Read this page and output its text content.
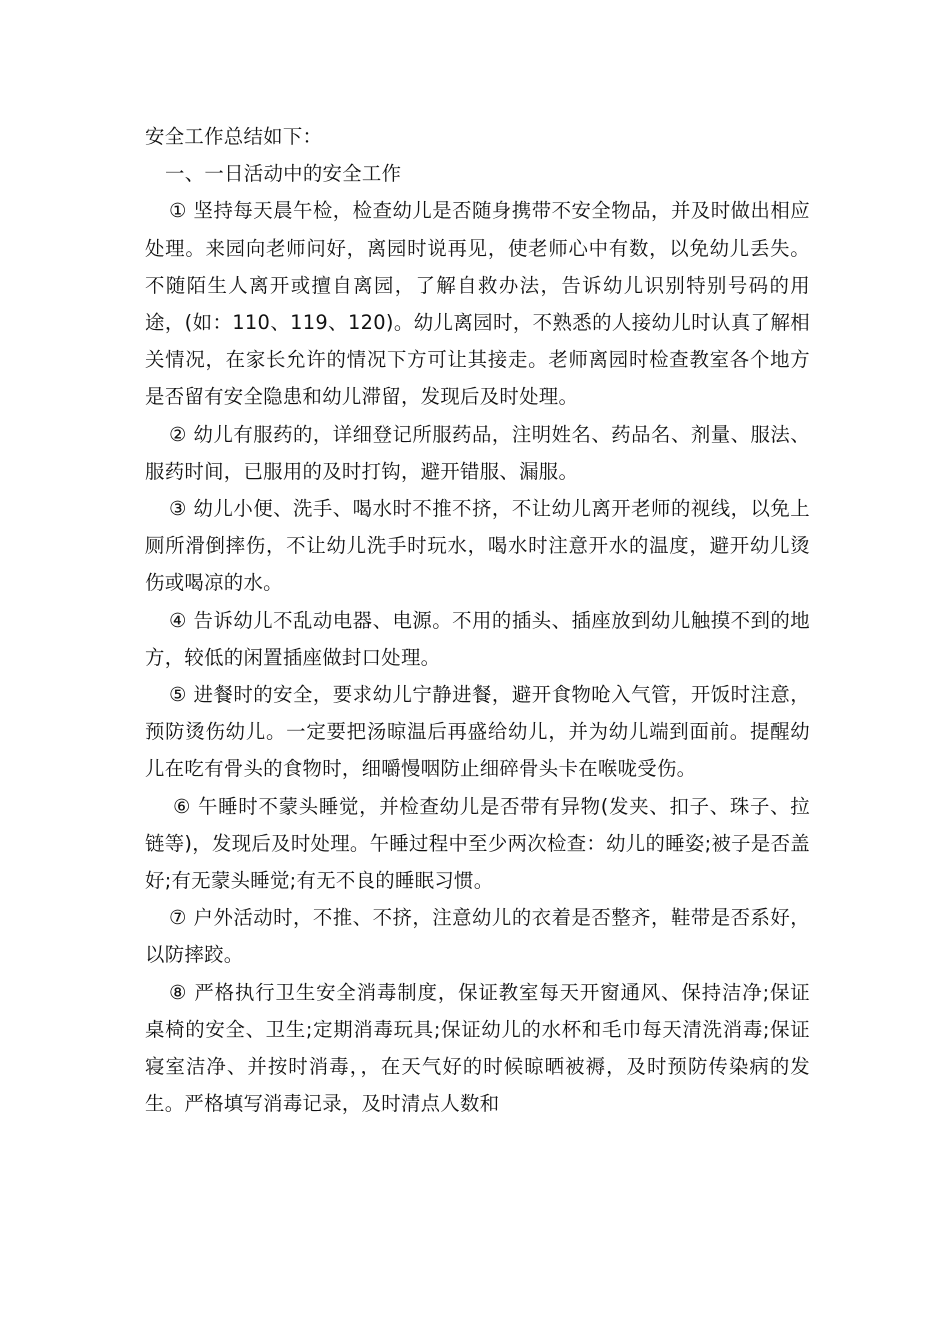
安全工作总结如下：

一、一日活动中的安全工作

① 坚持每天晨午检，检查幼儿是否随身携带不安全物品，并及时做出相应处理。来园向老师问好，离园时说再见，使老师心中有数，以免幼儿丢失。不随陌生人离开或擅自离园，了解自救办法，告诉幼儿识别特别号码的用途，(如：110、119、120)。幼儿离园时，不熟悉的人接幼儿时认真了解相关情况，在家长允许的情况下方可让其接走。老师离园时检查教室各个地方是否留有安全隐患和幼儿滞留，发现后及时处理。

② 幼儿有服药的，详细登记所服药品，注明姓名、药品名、剂量、服法、服药时间，已服用的及时打钩，避开错服、漏服。

③ 幼儿小便、洗手、喝水时不推不挤，不让幼儿离开老师的视线，以免上厕所滑倒摔伤，不让幼儿洗手时玩水，喝水时注意开水的温度，避开幼儿烫伤或喝凉的水。

④ 告诉幼儿不乱动电器、电源。不用的插头、插座放到幼儿触摸不到的地方，较低的闲置插座做封口处理。

⑤ 进餐时的安全，要求幼儿宁静进餐，避开食物呛入气管，开饭时注意，预防烫伤幼儿。一定要把汤晾温后再盛给幼儿，并为幼儿端到面前。提醒幼儿在吃有骨头的食物时，细嚼慢咽防止细碎骨头卡在喉咙受伤。

⑥ 午睡时不蒙头睡觉，并检查幼儿是否带有异物(发夹、扣子、珠子、拉链等)，发现后及时处理。午睡过程中至少两次检查：幼儿的睡姿;被子是否盖好;有无蒙头睡觉;有无不良的睡眠习惯。

⑦ 户外活动时，不推、不挤，注意幼儿的衣着是否整齐，鞋带是否系好，以防摔跤。

⑧ 严格执行卫生安全消毒制度，保证教室每天开窗通风、保持洁净;保证桌椅的安全、卫生;定期消毒玩具;保证幼儿的水杯和毛巾每天清洗消毒;保证寝室洁净、并按时消毒，，在天气好的时候晾晒被褥，及时预防传染病的发生。严格填写消毒记录，及时清点人数和
